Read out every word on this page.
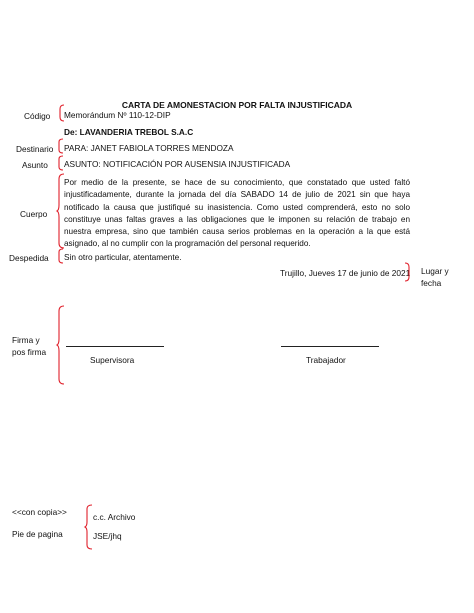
CARTA DE AMONESTACION POR FALTA INJUSTIFICADA
Código Memorándum Nº 110-12-DIP
De: LAVANDERIA TREBOL S.A.C
Destinario PARA: JANET FABIOLA TORRES MENDOZA
Asunto ASUNTO: NOTIFICACIÓN POR AUSENSIA INJUSTIFICADA
Cuerpo
Por medio de la presente, se hace de su conocimiento, que constatado que usted faltó injustificadamente, durante la jornada del día SABADO 14 de julio de 2021 sin que haya notificado la causa que justifiqué su inasistencia. Como usted comprenderá, esto no solo constituye unas faltas graves a las obligaciones que le imponen su relación de trabajo en nuestra empresa, sino que también causa serios problemas en la operación a la que está asignado, al no cumplir con la programación del personal requerido.
Despedida Sin otro particular, atentamente.
Trujillo, Jueves 17 de junio de 2021 Lugar y
fecha
Firma y
pos firma
Supervisora	Trabajador
<<con copia>>
Pie de pagina
c.c. Archivo
JSE/jhq
